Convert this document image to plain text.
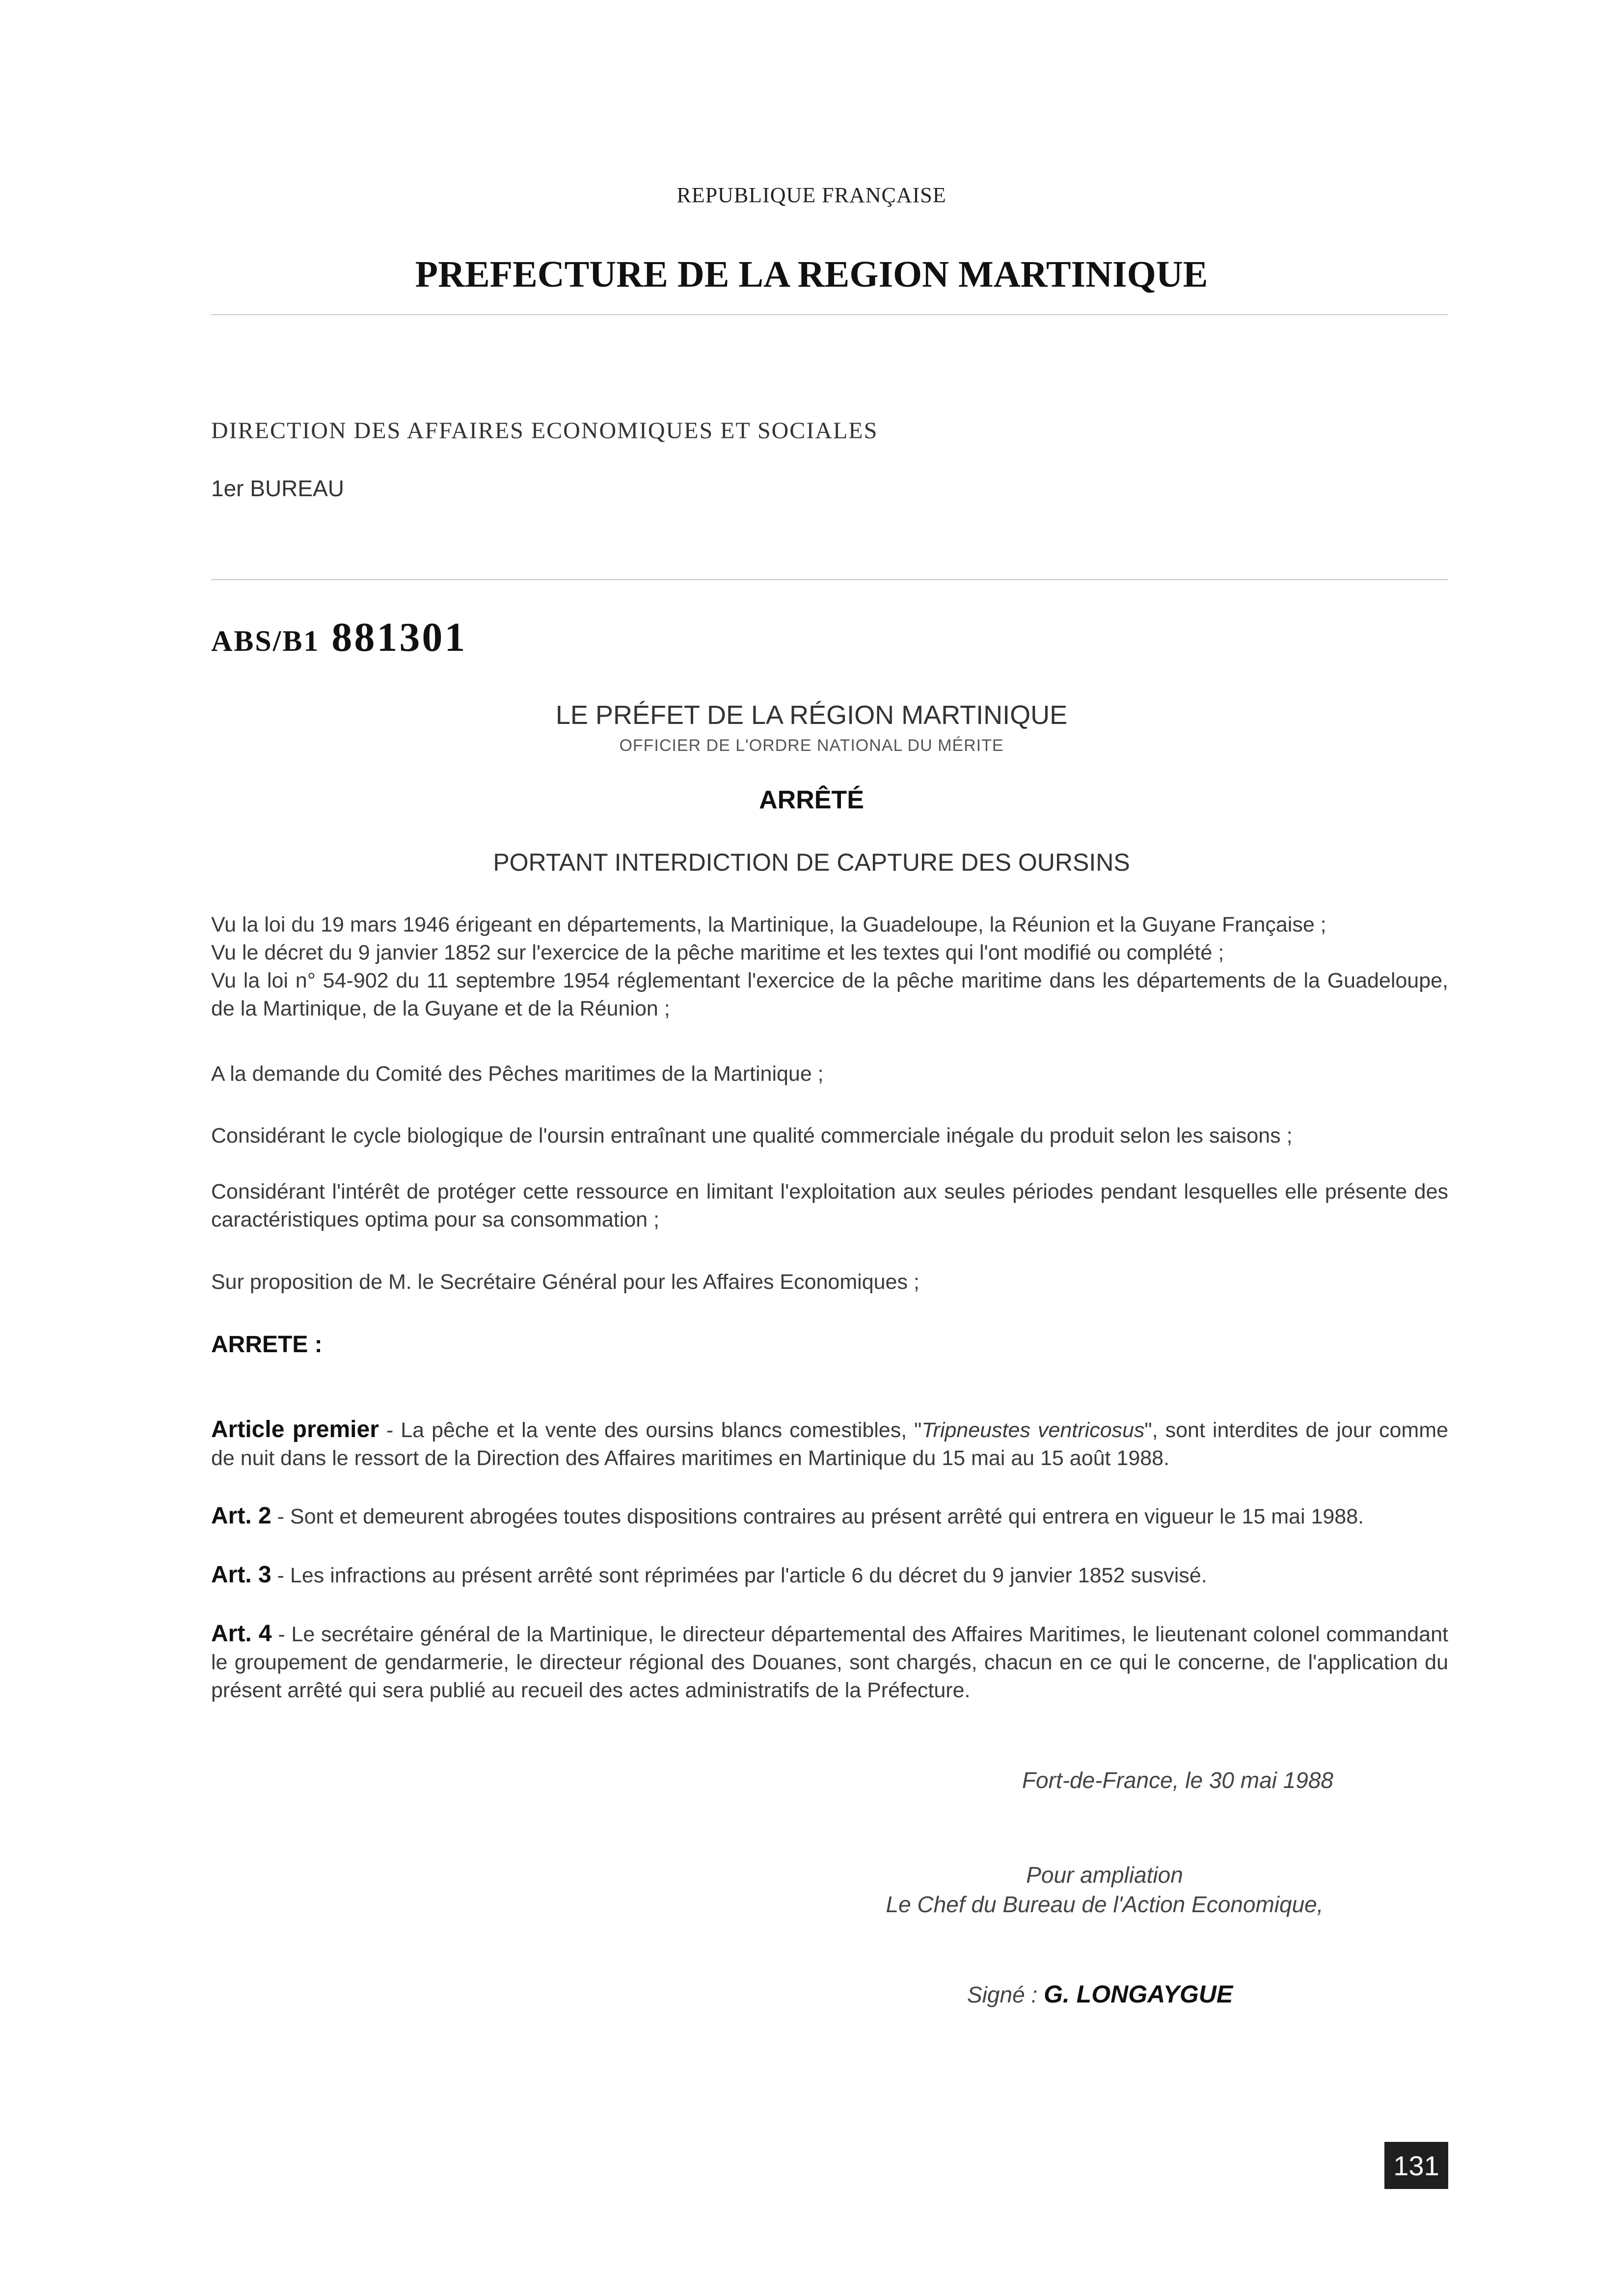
REPUBLIQUE FRANÇAISE
PREFECTURE DE LA REGION MARTINIQUE
DIRECTION DES AFFAIRES ECONOMIQUES ET SOCIALES
1er BUREAU
ABS/B1 881301
LE PRÉFET DE LA RÉGION MARTINIQUE
OFFICIER DE L'ORDRE NATIONAL DU MÉRITE
ARRÊTÉ
PORTANT INTERDICTION DE CAPTURE DES OURSINS

Vu la loi du 19 mars 1946 érigeant en départements, la Martinique, la Guadeloupe, la Réunion et la Guyane Française ;

Vu le décret du 9 janvier 1852 sur l'exercice de la pêche maritime et les textes qui l'ont modifié ou complété ;

Vu la loi n° 54-902 du 11 septembre 1954 réglementant l'exercice de la pêche maritime dans les départements de la Guadeloupe, de la Martinique, de la Guyane et de la Réunion ;

A la demande du Comité des Pêches maritimes de la Martinique ;
Considérant le cycle biologique de l'oursin entraînant une qualité commerciale inégale du produit selon les saisons ;
Considérant l'intérêt de protéger cette ressource en limitant l'exploitation aux seules périodes pendant lesquelles elle présente des caractéristiques optima pour sa consommation ;
Sur proposition de M. le Secrétaire Général pour les Affaires Economiques ;
ARRETE :
Article premier - La pêche et la vente des oursins blancs comestibles, "Tripneustes ventricosus", sont interdites de jour comme de nuit dans le ressort de la Direction des Affaires maritimes en Martinique du 15 mai au 15 août 1988.
Art. 2 - Sont et demeurent abrogées toutes dispositions contraires au présent arrêté qui entrera en vigueur le 15 mai 1988.
Art. 3 - Les infractions au présent arrêté sont réprimées par l'article 6 du décret du 9 janvier 1852 susvisé.
Art. 4 - Le secrétaire général de la Martinique, le directeur départemental des Affaires Maritimes, le lieutenant colonel commandant le groupement de gendarmerie, le directeur régional des Douanes, sont chargés, chacun en ce qui le concerne, de l'application du présent arrêté qui sera publié au recueil des actes administratifs de la Préfecture.
Fort-de-France, le 30 mai 1988
Pour ampliation
Le Chef du Bureau de l'Action Economique,
Signé : G. LONGAYGUE
131
